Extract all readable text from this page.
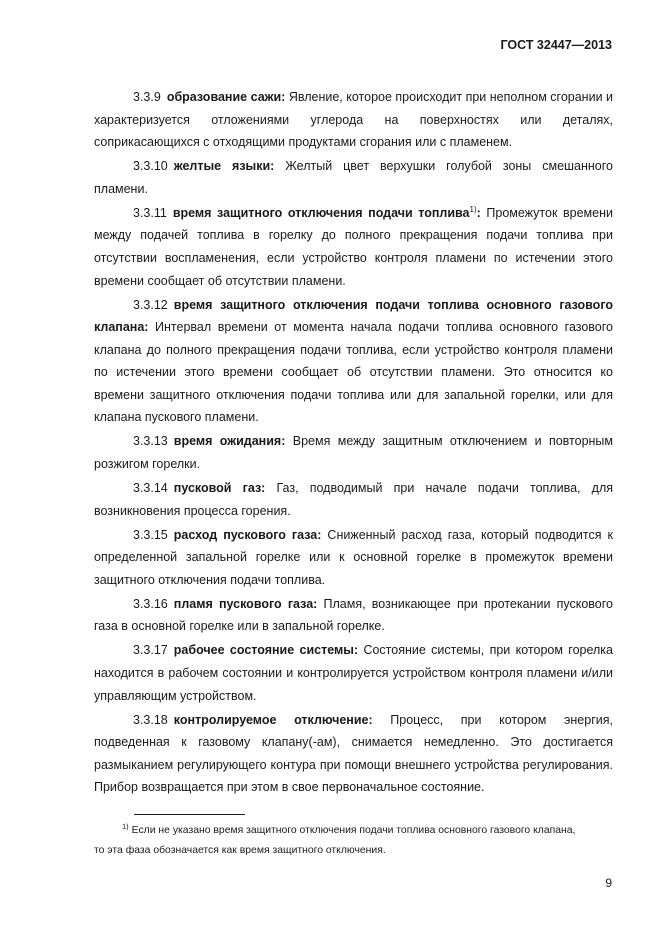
ГОСТ 32447—2013

3.3.9 образование сажи: Явление, которое происходит при неполном сгорании и характеризуется отложениями углерода на поверхностях или деталях, соприкасающихся с отходящими продуктами сгорания или с пламенем.

3.3.10 желтые языки: Желтый цвет верхушки голубой зоны смешанного пламени.

3.3.11 время защитного отключения подачи топлива$^{1)}$: Промежуток времени между подачей топлива в горелку до полного прекращения подачи топлива при отсутствии воспламенения, если устройство контроля пламени по истечении этого времени сообщает об отсутствии пламени.

3.3.12 время защитного отключения подачи топлива основного газового клапана: Интервал времени от момента начала подачи топлива основного газового клапана до полного прекращения подачи топлива, если устройство контроля пламени по истечении этого времени сообщает об отсутствии пламени. Это относится ко времени защитного отключения подачи топлива или для запальной горелки, или для клапана пускового пламени.

3.3.13 время ожидания: Время между защитным отключением и повторным розжигом горелки.

3.3.14 пусковой газ: Газ, подводимый при начале подачи топлива, для возникновения процесса горения.

3.3.15 расход пускового газа: Сниженный расход газа, который подводится к определенной запальной горелке или к основной горелке в промежуток времени защитного отключения подачи топлива.

3.3.16 пламя пускового газа: Пламя, возникающее при протекании пускового газа в основной горелке или в запальной горелке.

3.3.17 рабочее состояние системы: Состояние системы, при котором горелка находится в рабочем состоянии и контролируется устройством контроля пламени и/или управляющим устройством.

3.3.18 контролируемое отключение: Процесс, при котором энергия, подведенная к газовому клапану(-ам), снимается немедленно. Это достигается размыканием регулирующего контура при помощи внешнего устройства регулирования. Прибор возвращается при этом в свое первоначальное состояние.

$^{1)}$ Если не указано время защитного отключения подачи топлива основного газового клапана,
то эта фаза обозначается как время защитного отключения.
9
